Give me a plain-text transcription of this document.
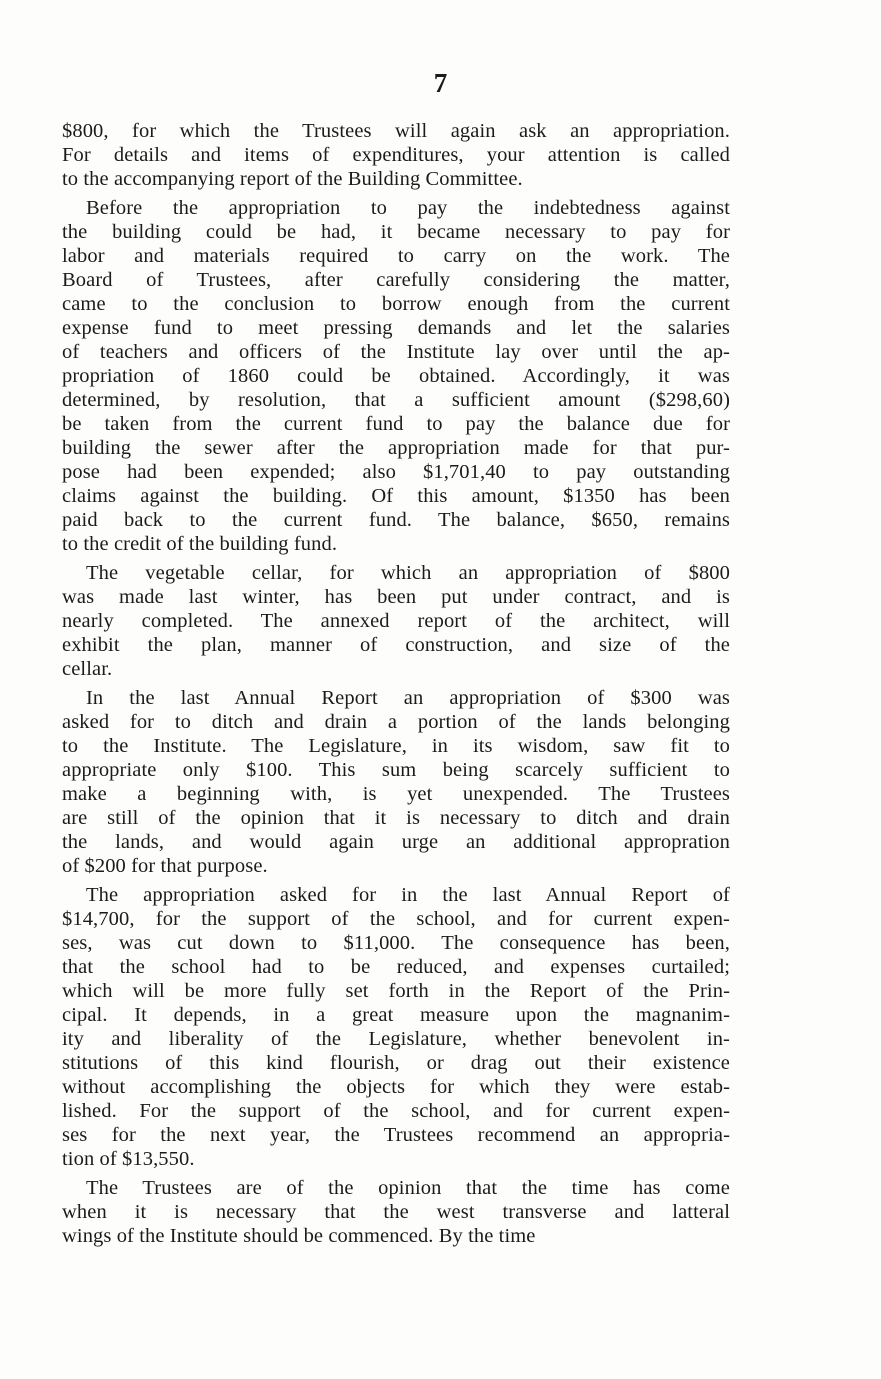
7
$800, for which the Trustees will again ask an appropriation.
For details and items of expenditures, your attention is called
to the accompanying report of the Building Committee.
Before the appropriation to pay the indebtedness against
the building could be had, it became necessary to pay for
labor and materials required to carry on the work. The
Board of Trustees, after carefully considering the matter,
came to the conclusion to borrow enough from the current
expense fund to meet pressing demands and let the salaries
of teachers and officers of the Institute lay over until the ap-
propriation of 1860 could be obtained. Accordingly, it was
determined, by resolution, that a sufficient amount ($298,60)
be taken from the current fund to pay the balance due for
building the sewer after the appropriation made for that pur-
pose had been expended; also $1,701,40 to pay outstanding
claims against the building. Of this amount, $1350 has been
paid back to the current fund. The balance, $650, remains
to the credit of the building fund.
The vegetable cellar, for which an appropriation of $800
was made last winter, has been put under contract, and is
nearly completed. The annexed report of the architect, will
exhibit the plan, manner of construction, and size of the
cellar.
In the last Annual Report an appropriation of $300 was
asked for to ditch and drain a portion of the lands belonging
to the Institute. The Legislature, in its wisdom, saw fit to
appropriate only $100. This sum being scarcely sufficient to
make a beginning with, is yet unexpended. The Trustees
are still of the opinion that it is necessary to ditch and drain
the lands, and would again urge an additional appropration
of $200 for that purpose.
The appropriation asked for in the last Annual Report of
$14,700, for the support of the school, and for current expen-
ses, was cut down to $11,000. The consequence has been,
that the school had to be reduced, and expenses curtailed;
which will be more fully set forth in the Report of the Prin-
cipal. It depends, in a great measure upon the magnanim-
ity and liberality of the Legislature, whether benevolent in-
stitutions of this kind flourish, or drag out their existence
without accomplishing the objects for which they were estab-
lished. For the support of the school, and for current expen-
ses for the next year, the Trustees recommend an appropria-
tion of $13,550.
The Trustees are of the opinion that the time has come
when it is necessary that the west transverse and latteral
wings of the Institute should be commenced. By the time
